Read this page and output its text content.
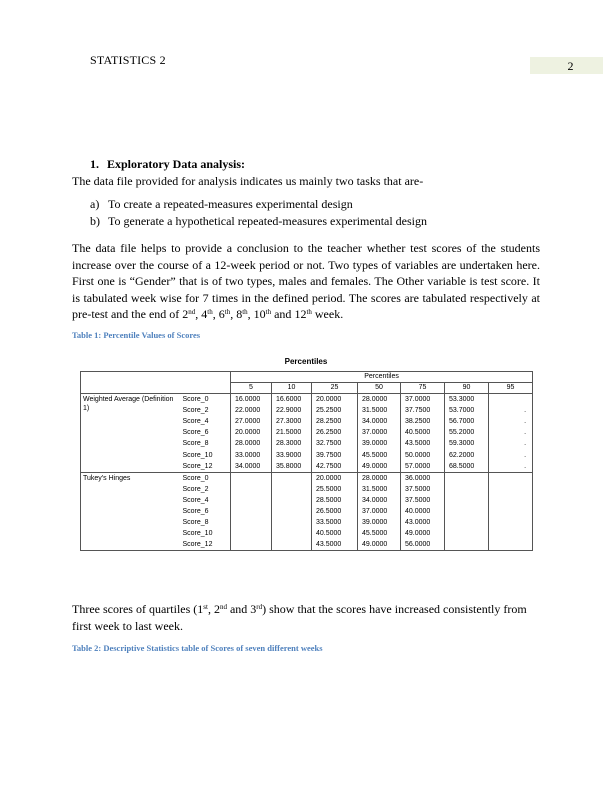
STATISTICS 2	2
1. Exploratory Data analysis:
The data file provided for analysis indicates us mainly two tasks that are-
a) To create a repeated-measures experimental design
b) To generate a hypothetical repeated-measures experimental design
The data file helps to provide a conclusion to the teacher whether test scores of the students increase over the course of a 12-week period or not. Two types of variables are undertaken here. First one is “Gender” that is of two types, males and females. The Other variable is test score. It is tabulated week wise for 7 times in the defined period. The scores are tabulated respectively at pre-test and the end of 2nd, 4th, 6th, 8th, 10th and 12th week.
Table 1: Percentile Values of Scores
Percentiles
		Percentiles						
		5	10	25	50	75	90	95
Weighted Average (Definition 1)	Score_0	16.0000	16.6000	20.0000	28.0000	37.0000	53.3000	
	Score_2	22.0000	22.9000	25.2500	31.5000	37.7500	53.7000	.
	Score_4	27.0000	27.3000	28.2500	34.0000	38.2500	56.7000	.
	Score_6	20.0000	21.5000	26.2500	37.0000	40.5000	55.2000	.
	Score_8	28.0000	28.3000	32.7500	39.0000	43.5000	59.3000	.
	Score_10	33.0000	33.9000	39.7500	45.5000	50.0000	62.2000	.
	Score_12	34.0000	35.8000	42.7500	49.0000	57.0000	68.5000	.
Tukey's Hinges	Score_0			20.0000	28.0000	36.0000		
	Score_2			25.5000	31.5000	37.5000		
	Score_4			28.5000	34.0000	37.5000		
	Score_6			26.5000	37.0000	40.0000		
	Score_8			33.5000	39.0000	43.0000		
	Score_10			40.5000	45.5000	49.0000		
	Score_12			43.5000	49.0000	56.0000		
Three scores of quartiles (1st, 2nd and 3rd) show that the scores have increased consistently from first week to last week.
Table 2: Descriptive Statistics table of Scores of seven different weeks
